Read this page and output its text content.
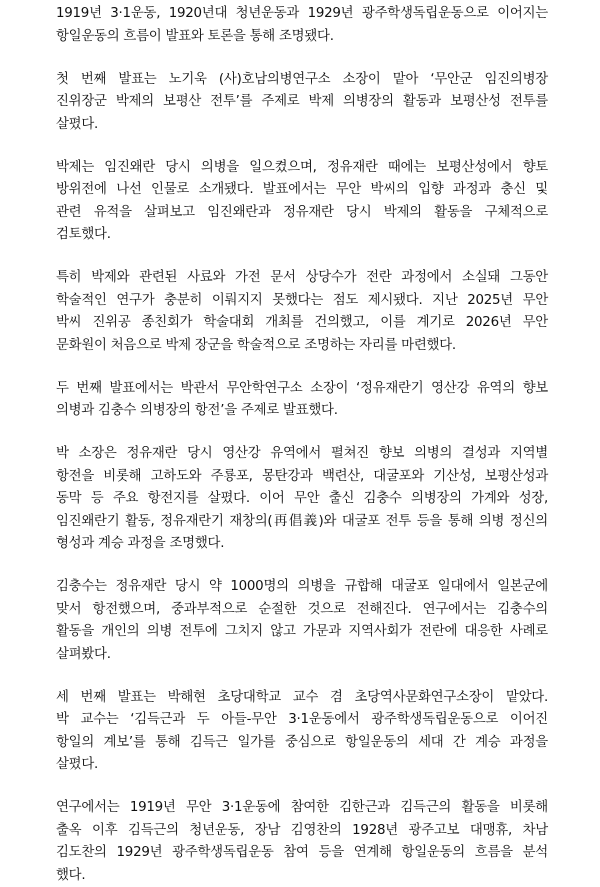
1919년 3·1운동, 1920년대 청년운동과 1929년 광주학생독립운동으로 이어지는
항일운동의 흐름이 발표와 토론을 통해 조명됐다.

첫 번째 발표는 노기욱 (사)호남의병연구소 소장이 맡아 ‘무안군 임진의병장
진위장군 박제의 보평산 전투’를 주제로 박제 의병장의 활동과 보평산성 전투를
살폈다.

박제는 임진왜란 당시 의병을 일으켰으며, 정유재란 때에는 보평산성에서 향토
방위전에 나선 인물로 소개됐다. 발표에서는 무안 박씨의 입향 과정과 충신 및
관련 유적을 살펴보고 임진왜란과 정유재란 당시 박제의 활동을 구체적으로
검토했다.

특히 박제와 관련된 사료와 가전 문서 상당수가 전란 과정에서 소실돼 그동안
학술적인 연구가 충분히 이뤄지지 못했다는 점도 제시됐다. 지난 2025년 무안
박씨 진위공 종친회가 학술대회 개최를 건의했고, 이를 계기로 2026년 무안
문화원이 처음으로 박제 장군을 학술적으로 조명하는 자리를 마련했다.

두 번째 발표에서는 박관서 무안학연구소 소장이 ‘정유재란기 영산강 유역의 향보
의병과 김충수 의병장의 항전’을 주제로 발표했다.

박 소장은 정유재란 당시 영산강 유역에서 펼쳐진 향보 의병의 결성과 지역별
항전을 비롯해 고하도와 주룡포, 몽탄강과 백련산, 대굴포와 기산성, 보평산성과
동막 등 주요 항전지를 살폈다. 이어 무안 출신 김충수 의병장의 가계와 성장,
임진왜란기 활동, 정유재란기 재창의(再倡義)와 대굴포 전투 등을 통해 의병 정신의
형성과 계승 과정을 조명했다.

김충수는 정유재란 당시 약 1000명의 의병을 규합해 대굴포 일대에서 일본군에
맞서 항전했으며, 중과부적으로 순절한 것으로 전해진다. 연구에서는 김충수의
활동을 개인의 의병 전투에 그치지 않고 가문과 지역사회가 전란에 대응한 사례로
살펴봤다.

세 번째 발표는 박해현 초당대학교 교수 겸 초당역사문화연구소장이 맡았다.
박 교수는 ‘김득근과 두 아들-무안 3·1운동에서 광주학생독립운동으로 이어진
항일의 계보’를 통해 김득근 일가를 중심으로 항일운동의 세대 간 계승 과정을
살폈다.

연구에서는 1919년 무안 3·1운동에 참여한 김한근과 김득근의 활동을 비롯해
출옥 이후 김득근의 청년운동, 장남 김영찬의 1928년 광주고보 대맹휴, 차남
김도찬의 1929년 광주학생독립운동 참여 등을 연계해 항일운동의 흐름을 분석
했다.
